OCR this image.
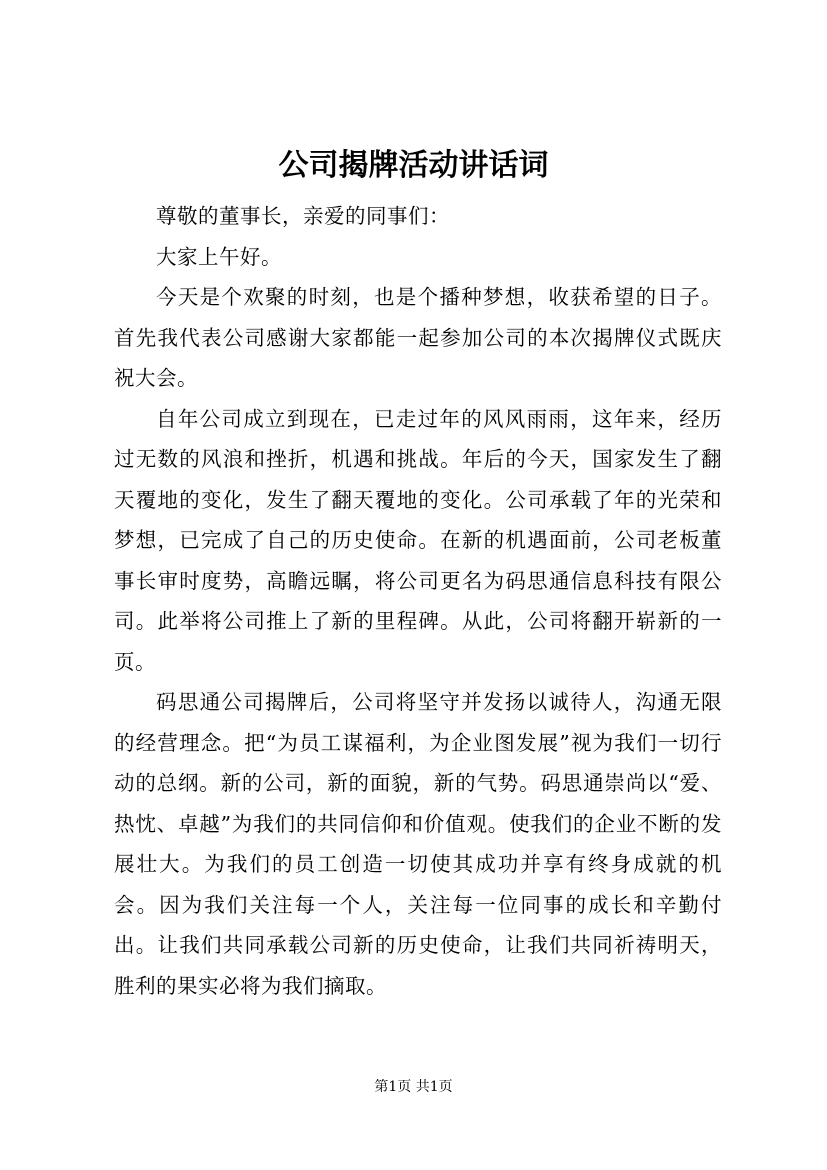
公司揭牌活动讲话词

尊敬的董事长，亲爱的同事们：

大家上午好。

今天是个欢聚的时刻，也是个播种梦想，收获希望的日子。首先我代表公司感谢大家都能一起参加公司的本次揭牌仪式既庆祝大会。

自年公司成立到现在，已走过年的风风雨雨，这年来，经历过无数的风浪和挫折，机遇和挑战。年后的今天，国家发生了翻天覆地的变化，发生了翻天覆地的变化。公司承载了年的光荣和梦想，已完成了自己的历史使命。在新的机遇面前，公司老板董事长审时度势，高瞻远瞩，将公司更名为码思通信息科技有限公司。此举将公司推上了新的里程碑。从此，公司将翻开崭新的一页。

码思通公司揭牌后，公司将坚守并发扬以诚待人，沟通无限的经营理念。把“为员工谋福利，为企业图发展”视为我们一切行动的总纲。新的公司，新的面貌，新的气势。码思通崇尚以“爱、热忱、卓越”为我们的共同信仰和价值观。使我们的企业不断的发展壮大。为我们的员工创造一切使其成功并享有终身成就的机会。因为我们关注每一个人，关注每一位同事的成长和辛勤付出。让我们共同承载公司新的历史使命，让我们共同祈祷明天，胜利的果实必将为我们摘取。

第1页 共1页
